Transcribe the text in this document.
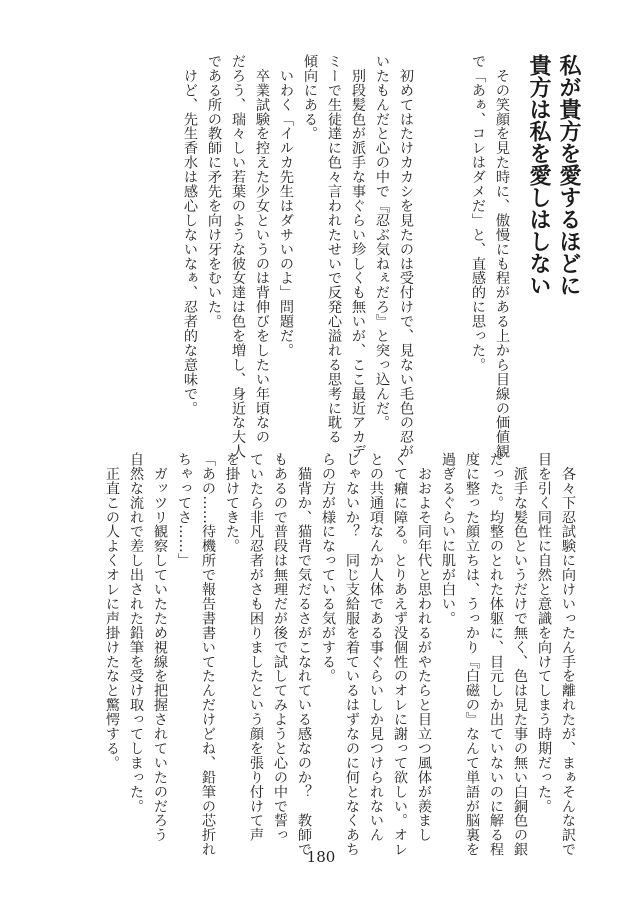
私が貴方を愛するほどに
貴方は私を愛しはしない
　その笑顔を見た時に、傲慢にも程がある上から目線の価値観
で「あぁ、コレはダメだ」と、直感的に思った。
　初めてはたけカカシを見たのは受付けで、見ない毛色の忍が
いたもんだと心の中で『忍ぶ気ねぇだろ』と突っ込んだ。
　別段髪色が派手な事ぐらい珍しくも無いが、ここ最近アカデ
ミーで生徒達に色々言われたせいで反発心溢れる思考に耽る
傾向にある。
　いわく「イルカ先生はダサいのよ」問題だ。
　卒業試験を控えた少女というのは背伸びをしたい年頃なの
だろう、瑞々しい若葉のような彼女達は色を増し、身近な大人
である所の教師に矛先を向け牙をむいた。
　けど、先生香水は感心しないなぁ、忍者的な意味で。
　各々下忍試験に向けいったん手を離れたが、まぁそんな訳で
目を引く同性に自然と意識を向けてしまう時期だった。
　派手な髪色というだけで無く、色は見た事の無い白銅色の銀
だった。均整のとれた体躯に、目元しか出ていないのに解る程
度に整った顔立ちは、うっかり『白磁の』なんて単語が脳裏を
過ぎるぐらいに肌が白い。
　おおよそ同年代と思われるがやたらと目立つ風体が羨まし
くて癪に障る。とりあえず没個性のオレに謝って欲しい。オレ
との共通項なんか人体である事ぐらいしか見つけられないん
じゃないか？　同じ支給服を着ているはずなのに何となくあち
らの方が様になっている気がする。
　猫背か、猫背で気だるさがこなれている感なのか？　教師で
もあるので普段は無理だが後で試してみようと心の中で誓っ
ていたら非凡忍者がさも困りましたという顔を張り付けて声
を掛けてきた。
「あの……待機所で報告書書いてたんだけどね、鉛筆の芯折れ
ちゃってさ……」
　ガッツリ観察していたため視線を把握されていたのだろう
自然な流れで差し出された鉛筆を受け取ってしまった。
　正直この人よくオレに声掛けたなと驚愕する。
180
